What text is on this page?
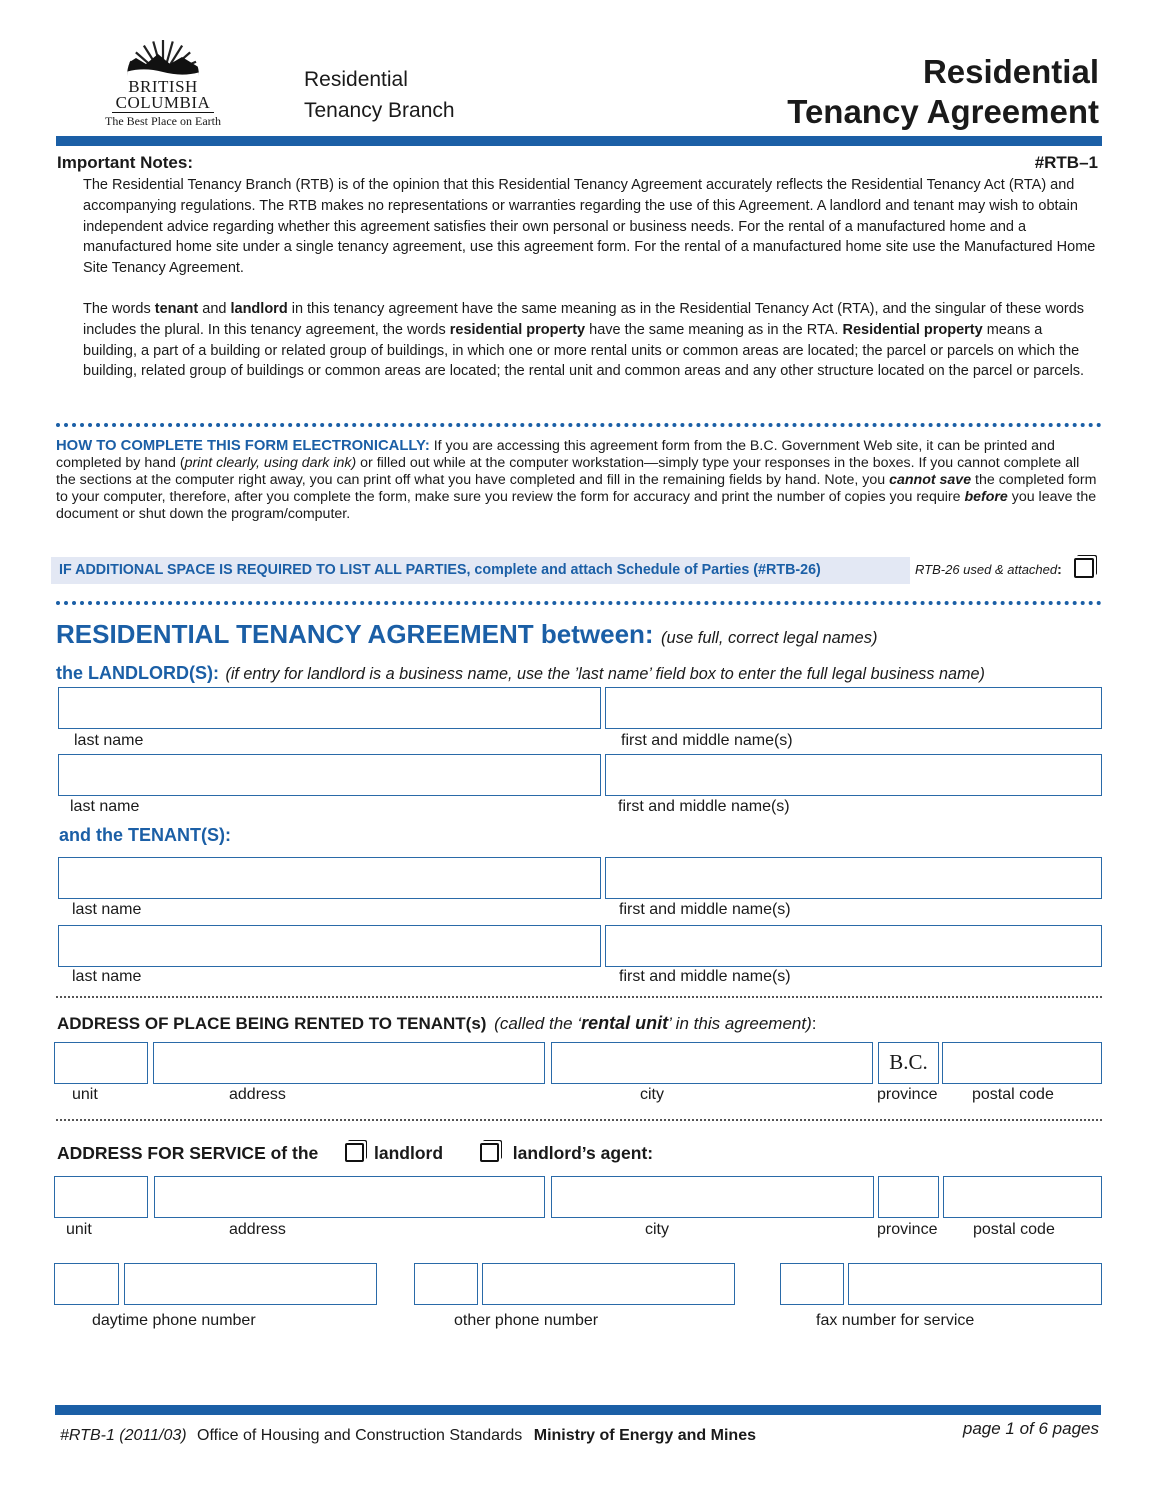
BRITISH
COLUMBIA
The Best Place on Earth
Residential
Tenancy Branch
Residential
Tenancy Agreement
Important Notes:	#RTB–1

The Residential Tenancy Branch (RTB) is of the opinion that this Residential Tenancy Agreement accurately reflects the Residential Tenancy Act (RTA) and accompanying regulations. The RTB makes no representations or warranties regarding the use of this Agreement. A landlord and tenant may wish to obtain independent advice regarding whether this agreement satisfies their own personal or business needs. For the rental of a manufactured home and a manufactured home site under a single tenancy agreement, use this agreement form. For the rental of a manufactured home site use the Manufactured Home Site Tenancy Agreement.

The words tenant and landlord in this tenancy agreement have the same meaning as in the Residential Tenancy Act (RTA), and the singular of these words includes the plural. In this tenancy agreement, the words residential property have the same meaning as in the RTA. Residential property means a building, a part of a building or related group of buildings, in which one or more rental units or common areas are located; the parcel or parcels on which the building, related group of buildings or common areas are located; the rental unit and common areas and any other structure located on the parcel or parcels.

HOW TO COMPLETE THIS FORM ELECTRONICALLY: If you are accessing this agreement form from the B.C. Government Web site, it can be printed and completed by hand (print clearly, using dark ink) or filled out while at the computer workstation—simply type your responses in the boxes. If you cannot complete all the sections at the computer right away, you can print off what you have completed and fill in the remaining fields by hand. Note, you cannot save the completed form to your computer, therefore, after you complete the form, make sure you review the form for accuracy and print the number of copies you require before you leave the document or shut down the program/computer.
IF ADDITIONAL SPACE IS REQUIRED TO LIST ALL PARTIES, complete and attach Schedule of Parties (#RTB-26)	RTB-26 used & attached:
RESIDENTIAL TENANCY AGREEMENT between: (use full, correct legal names)
the LANDLORD(S): (if entry for landlord is a business name, use the ’last name’ field box to enter the full legal business name)
last name	first and middle name(s)
last name	first and middle name(s)
and the TENANT(S):
last name	first and middle name(s)
last name	first and middle name(s)
ADDRESS OF PLACE BEING RENTED TO TENANT(s) (called the ‘rental unit’ in this agreement):
B.C.
unit	address	city	province postal code
ADDRESS FOR SERVICE of the	landlord	landlord’s agent:
unit	address	city	province postal code
daytime phone number	other phone number	fax number for service
#RTB-1 (2011/03) Office of Housing and Construction Standards Ministry of Energy and Mines	page 1 of 6 pages
